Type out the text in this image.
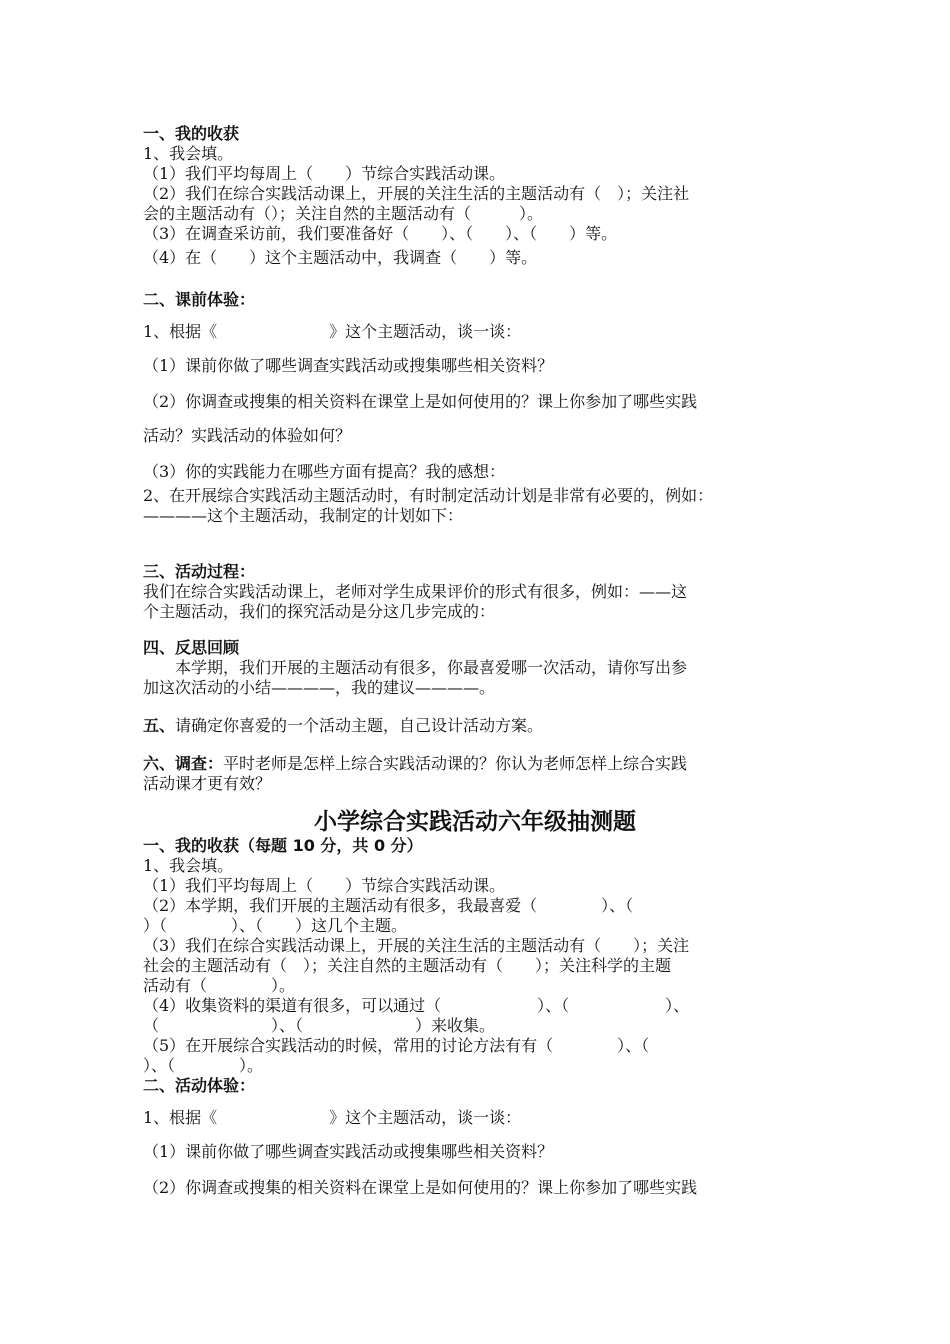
一、我的收获

1、我会填。

（1）我们平均每周上（　　）节综合实践活动课。

（2）我们在综合实践活动课上，开展的关注生活的主题活动有（　）；关注社

会的主题活动有（）；关注自然的主题活动有（　　　）。

（3）在调查采访前，我们要准备好（　　）、（　　）、（　　）等。

（4）在（　　）这个主题活动中，我调查（　　）等。

二、课前体验：

1、根据《　　　　　　　》这个主题活动，谈一谈：

（1）课前你做了哪些调查实践活动或搜集哪些相关资料？

（2）你调查或搜集的相关资料在课堂上是如何使用的？课上你参加了哪些实践

活动？实践活动的体验如何？

（3）你的实践能力在哪些方面有提高？我的感想：

2、在开展综合实践活动主题活动时，有时制定活动计划是非常有必要的，例如：

————这个主题活动，我制定的计划如下：

三、活动过程：

我们在综合实践活动课上，老师对学生成果评价的形式有很多，例如：——这

个主题活动，我们的探究活动是分这几步完成的：

四、反思回顾

　　本学期，我们开展的主题活动有很多，你最喜爱哪一次活动，请你写出参

加这次活动的小结————，我的建议————。

五、请确定你喜爱的一个活动主题，自己设计活动方案。

六、调查：平时老师是怎样上综合实践活动课的？你认为老师怎样上综合实践

活动课才更有效？

小学综合实践活动六年级抽测题

一、我的收获（每题 10 分，共 0 分）

1、我会填。

（1）我们平均每周上（　　）节综合实践活动课。

（2）本学期，我们开展的主题活动有很多，我最喜爱（　　　　）、（

）（　　　　）、（　　）这几个主题。

（3）我们在综合实践活动课上，开展的关注生活的主题活动有（　　）；关注

社会的主题活动有（　）；关注自然的主题活动有（　　）；关注科学的主题

活动有（　　　　）。

（4）收集资料的渠道有很多，可以通过（　　　　　　）、（　　　　　　）、

（　　　　　　　）、（　　　　　　　）来收集。

（5）在开展综合实践活动的时候，常用的讨论方法有有（　　　　）、（

）、（　　　　）。

二、活动体验：

1、根据《　　　　　　　》这个主题活动，谈一谈：

（1）课前你做了哪些调查实践活动或搜集哪些相关资料？

（2）你调查或搜集的相关资料在课堂上是如何使用的？课上你参加了哪些实践
